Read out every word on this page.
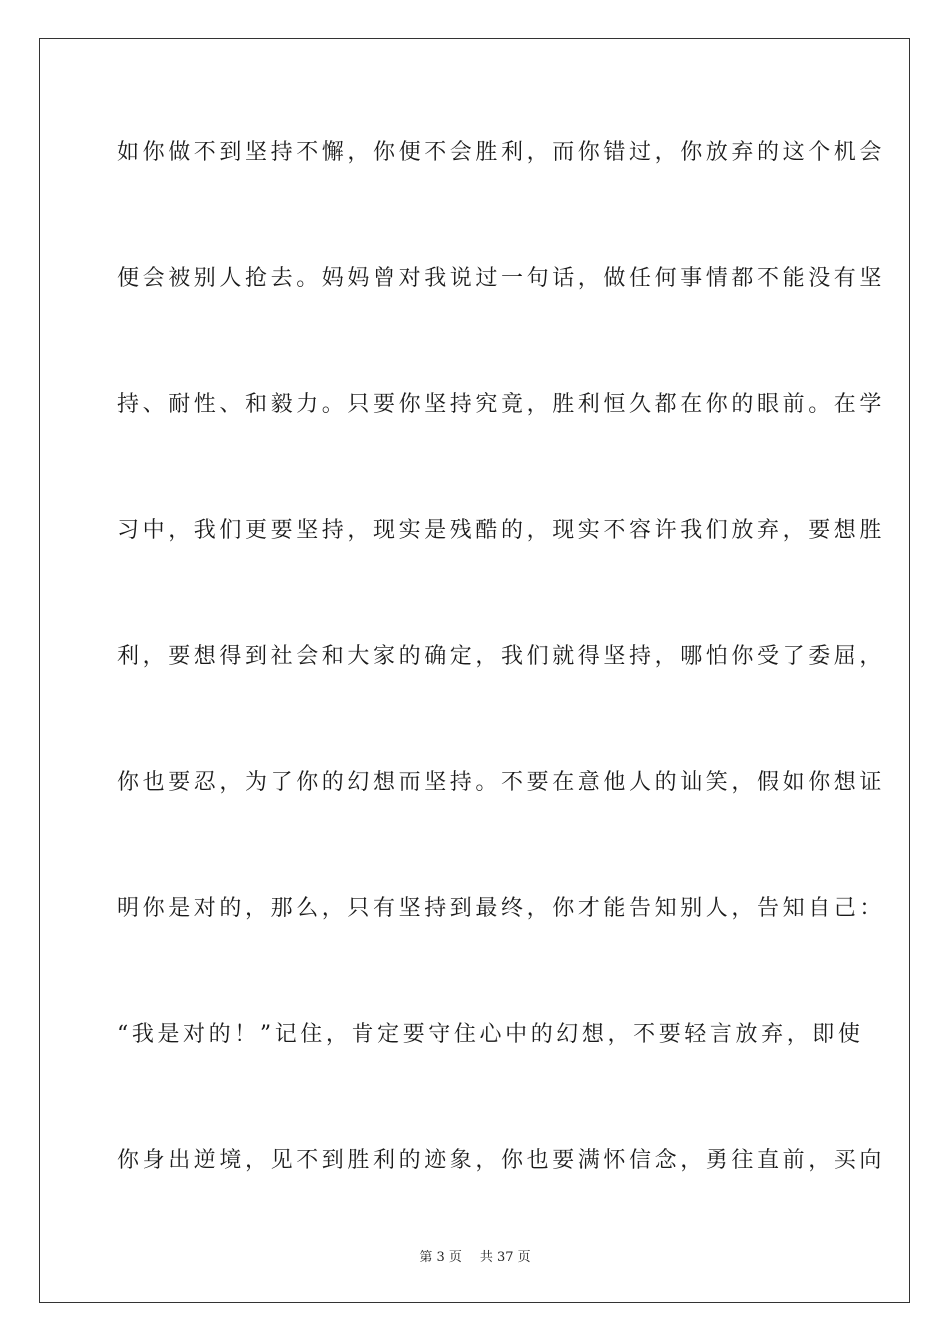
如你做不到坚持不懈，你便不会胜利，而你错过，你放弃的这个机会
便会被别人抢去。妈妈曾对我说过一句话，做任何事情都不能没有坚
持、耐性、和毅力。只要你坚持究竟，胜利恒久都在你的眼前。在学
习中，我们更要坚持，现实是残酷的，现实不容许我们放弃，要想胜
利，要想得到社会和大家的确定，我们就得坚持，哪怕你受了委屈，
你也要忍，为了你的幻想而坚持。不要在意他人的讪笑，假如你想证
明你是对的，那么，只有坚持到最终，你才能告知别人，告知自己：
“我是对的！”记住，肯定要守住心中的幻想，不要轻言放弃，即使
你身出逆境，见不到胜利的迹象，你也要满怀信念，勇往直前，买向
第 3 页 共 37 页
